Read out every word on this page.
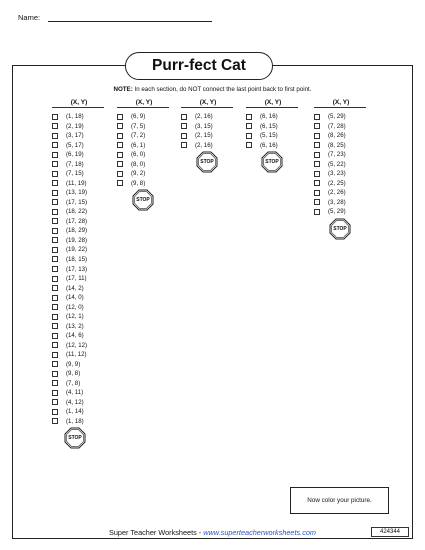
Name:
Purr-fect Cat
NOTE: In each section, do NOT connect the last point back to first point.
(X, Y)
(1, 18)
(2, 19)
(3, 17)
(5, 17)
(6, 19)
(7, 18)
(7, 15)
(11, 19)
(13, 19)
(17, 15)
(18, 22)
(17, 28)
(18, 29)
(19, 28)
(19, 22)
(18, 15)
(17, 13)
(17, 11)
(14, 2)
(14, 0)
(12, 0)
(12, 1)
(13, 2)
(14, 6)
(12, 12)
(11, 12)
(9, 9)
(9, 8)
(7, 8)
(4, 11)
(4, 12)
(1, 14)
(1, 18)
STOP
(X, Y)
(6, 9)
(7, 5)
(7, 2)
(6, 1)
(6, 0)
(8, 0)
(9, 2)
(9, 8)
STOP
(X, Y)
(2, 16)
(3, 15)
(2, 15)
(2, 16)
STOP
(X, Y)
(6, 16)
(6, 15)
(5, 15)
(6, 16)
STOP
(X, Y)
(5, 29)
(7, 28)
(8, 26)
(8, 25)
(7, 23)
(5, 22)
(3, 23)
(2, 25)
(2, 26)
(3, 28)
(5, 29)
STOP
Now color your picture.
Super Teacher Worksheets - www.superteacherworksheets.com	424344
